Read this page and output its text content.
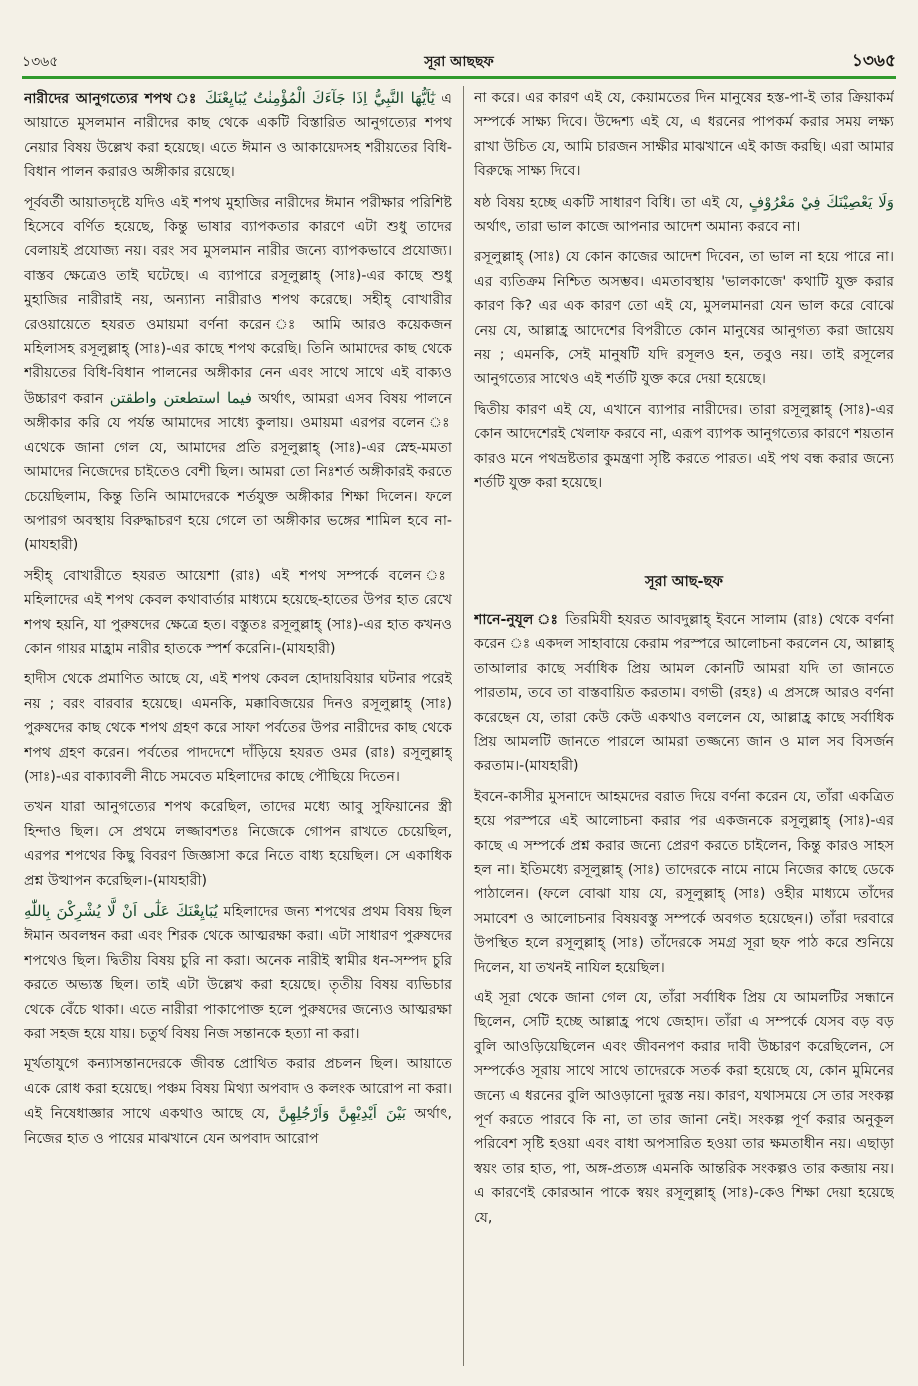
১৩৬৫	সূরা আছছফ	১৩৬৫

নারীদের আনুগত্যের শপথ ঃ يٰٓاَيُّهَا النَّبِيُّ اِذَا جَآءَكَ الْمُؤْمِنٰتُ يُبَايِعْنَكَ এ আয়াতে মুসলমান নারীদের কাছ থেকে একটি বিস্তারিত আনুগত্যের শপথ নেয়ার বিষয় উল্লেখ করা হয়েছে। এতে ঈমান ও আকায়েদসহ শরীয়তের বিধি-বিধান পালন করারও অঙ্গীকার রয়েছে।

পূর্ববর্তী আয়াতদৃষ্টে যদিও এই শপথ মুহাজির নারীদের ঈমান পরীক্ষার পরিশিষ্ট হিসেবে বর্ণিত হয়েছে, কিন্তু ভাষার ব্যাপকতার কারণে এটা শুধু তাদের বেলায়ই প্রযোজ্য নয়। বরং সব মুসলমান নারীর জন্যে ব্যাপকভাবে প্রযোজ্য। বাস্তব ক্ষেত্রেও তাই ঘটেছে। এ ব্যাপারে রসূলুল্লাহ্ (সাঃ)-এর কাছে শুধু মুহাজির নারীরাই নয়, অন্যান্য নারীরাও শপথ করেছে। সহীহ্ বোখারীর রেওয়ায়েতে হযরত ওমায়মা বর্ণনা করেন ঃ আমি আরও কয়েকজন মহিলাসহ রসূলুল্লাহ্ (সাঃ)-এর কাছে শপথ করেছি। তিনি আমাদের কাছ থেকে শরীয়তের বিধি-বিধান পালনের অঙ্গীকার নেন এবং সাথে সাথে এই বাক্যও উচ্চারণ করান فيما استطعتن واطقتن অর্থাৎ, আমরা এসব বিষয় পালনে অঙ্গীকার করি যে পর্যন্ত আমাদের সাধ্যে কুলায়। ওমায়মা এরপর বলেন ঃ এথেকে জানা গেল যে, আমাদের প্রতি রসূলুল্লাহ্ (সাঃ)-এর স্নেহ-মমতা আমাদের নিজেদের চাইতেও বেশী ছিল। আমরা তো নিঃশর্ত অঙ্গীকারই করতে চেয়েছিলাম, কিন্তু তিনি আমাদেরকে শর্তযুক্ত অঙ্গীকার শিক্ষা দিলেন। ফলে অপারগ অবস্থায় বিরুদ্ধাচরণ হয়ে গেলে তা অঙ্গীকার ভঙ্গের শামিল হবে না-(মাযহারী)

সহীহ্ বোখারীতে হযরত আয়েশা (রাঃ) এই শপথ সম্পর্কে বলেন ঃ মহিলাদের এই শপথ কেবল কথাবার্তার মাধ্যমে হয়েছে-হাতের উপর হাত রেখে শপথ হয়নি, যা পুরুষদের ক্ষেত্রে হত। বস্তুতঃ রসূলুল্লাহ্ (সাঃ)-এর হাত কখনও কোন গায়র মাহ্রাম নারীর হাতকে স্পর্শ করেনি।-(মাযহারী)

হাদীস থেকে প্রমাণিত আছে যে, এই শপথ কেবল হোদায়বিয়ার ঘটনার পরেই নয় ; বরং বারবার হয়েছে। এমনকি, মক্কাবিজয়ের দিনও রসূলুল্লাহ্ (সাঃ) পুরুষদের কাছ থেকে শপথ গ্রহণ করে সাফা পর্বতের উপর নারীদের কাছ থেকে শপথ গ্রহণ করেন। পর্বতের পাদদেশে দাঁড়িয়ে হযরত ওমর (রাঃ) রসূলুল্লাহ্ (সাঃ)-এর বাক্যাবলী নীচে সমবেত মহিলাদের কাছে পৌছিয়ে দিতেন।

তখন যারা আনুগত্যের শপথ করেছিল, তাদের মধ্যে আবু সুফিয়ানের স্ত্রী হিন্দাও ছিল। সে প্রথমে লজ্জাবশতঃ নিজেকে গোপন রাখতে চেয়েছিল, এরপর শপথের কিছু বিবরণ জিজ্ঞাসা করে নিতে বাধ্য হয়েছিল। সে একাধিক প্রশ্ন উত্থাপন করেছিল।-(মাযহারী)

يُبَايِعْنَكَ عَلٰٓى اَنْ لَّا يُشْرِكْنَ بِاللّٰهِ মহিলাদের জন্য শপথের প্রথম বিষয় ছিল ঈমান অবলম্বন করা এবং শিরক থেকে আত্মরক্ষা করা। এটা সাধারণ পুরুষদের শপথেও ছিল। দ্বিতীয় বিষয় চুরি না করা। অনেক নারীই স্বামীর ধন-সম্পদ চুরি করতে অভ্যস্ত ছিল। তাই এটা উল্লেখ করা হয়েছে। তৃতীয় বিষয় ব্যভিচার থেকে বেঁচে থাকা। এতে নারীরা পাকাপোক্ত হলে পুরুষদের জন্যেও আত্মরক্ষা করা সহজ হয়ে যায়। চতুর্থ বিষয় নিজ সন্তানকে হত্যা না করা।

মূর্খতাযুগে কন্যাসন্তানদেরকে জীবন্ত প্রোথিত করার প্রচলন ছিল। আয়াতে একে রোধ করা হয়েছে। পঞ্চম বিষয় মিথ্যা অপবাদ ও কলংক আরোপ না করা। এই নিষেধাজ্ঞার সাথে একথাও আছে যে, بَيْنَ اَيْدِيْهِنَّ وَاَرْجُلِهِنَّ অর্থাৎ, নিজের হাত ও পায়ের মাঝখানে যেন অপবাদ আরোপ

না করে। এর কারণ এই যে, কেয়ামতের দিন মানুষের হস্ত-পা-ই তার ক্রিয়াকর্ম সম্পর্কে সাক্ষ্য দিবে। উদ্দেশ্য এই যে, এ ধরনের পাপকর্ম করার সময় লক্ষ্য রাখা উচিত যে, আমি চারজন সাক্ষীর মাঝখানে এই কাজ করছি। এরা আমার বিরুদ্ধে সাক্ষ্য দিবে।

ষষ্ঠ বিষয় হচ্ছে একটি সাধারণ বিধি। তা এই যে, وَلَا يَعْصِيْنَكَ فِيْ مَعْرُوْفٍ অর্থাৎ, তারা ভাল কাজে আপনার আদেশ অমান্য করবে না।

রসূলুল্লাহ্ (সাঃ) যে কোন কাজের আদেশ দিবেন, তা ভাল না হয়ে পারে না। এর ব্যতিক্রম নিশ্চিত অসম্ভব। এমতাবস্থায় 'ভালকাজে' কথাটি যুক্ত করার কারণ কি? এর এক কারণ তো এই যে, মুসলমানরা যেন ভাল করে বোঝে নেয় যে, আল্লাহ্র আদেশের বিপরীতে কোন মানুষের আনুগত্য করা জায়েয নয় ; এমনকি, সেই মানুষটি যদি রসূলও হন, তবুও নয়। তাই রসূলের আনুগত্যের সাথেও এই শর্তটি যুক্ত করে দেয়া হয়েছে।

দ্বিতীয় কারণ এই যে, এখানে ব্যাপার নারীদের। তারা রসূলুল্লাহ্ (সাঃ)-এর কোন আদেশেরই খেলাফ করবে না, এরূপ ব্যাপক আনুগত্যের কারণে শয়তান কারও মনে পথভ্রষ্টতার কুমন্ত্রণা সৃষ্টি করতে পারত। এই পথ বন্ধ করার জন্যে শর্তটি যুক্ত করা হয়েছে।

সূরা আছ-ছফ

শানে-নুযূল ঃ তিরমিযী হযরত আবদুল্লাহ্ ইবনে সালাম (রাঃ) থেকে বর্ণনা করেন ঃ একদল সাহাবায়ে কেরাম পরস্পরে আলোচনা করলেন যে, আল্লাহ্ তাআলার কাছে সর্বাধিক প্রিয় আমল কোনটি আমরা যদি তা জানতে পারতাম, তবে তা বাস্তবায়িত করতাম। বগভী (রহঃ) এ প্রসঙ্গে আরও বর্ণনা করেছেন যে, তারা কেউ কেউ একথাও বললেন যে, আল্লাহ্র কাছে সর্বাধিক প্রিয় আমলটি জানতে পারলে আমরা তজ্জন্যে জান ও মাল সব বিসর্জন করতাম।-(মাযহারী)

ইবনে-কাসীর মুসনাদে আহমদের বরাত দিয়ে বর্ণনা করেন যে, তাঁরা একত্রিত হয়ে পরস্পরে এই আলোচনা করার পর একজনকে রসূলুল্লাহ্ (সাঃ)-এর কাছে এ সম্পর্কে প্রশ্ন করার জন্যে প্রেরণ করতে চাইলেন, কিন্তু কারও সাহস হল না। ইতিমধ্যে রসূলুল্লাহ্ (সাঃ) তাদেরকে নামে নামে নিজের কাছে ডেকে পাঠালেন। (ফলে বোঝা যায় যে, রসূলুল্লাহ্ (সাঃ) ওহীর মাধ্যমে তাঁদের সমাবেশ ও আলোচনার বিষয়বস্তু সম্পর্কে অবগত হয়েছেন।) তাঁরা দরবারে উপস্থিত হলে রসূলুল্লাহ্ (সাঃ) তাঁদেরকে সমগ্র সূরা ছফ পাঠ করে শুনিয়ে দিলেন, যা তখনই নাযিল হয়েছিল।

এই সূরা থেকে জানা গেল যে, তাঁরা সর্বাধিক প্রিয় যে আমলটির সন্ধানে ছিলেন, সেটি হচ্ছে আল্লাহ্র পথে জেহাদ। তাঁরা এ সম্পর্কে যেসব বড় বড় বুলি আওড়িয়েছিলেন এবং জীবনপণ করার দাবী উচ্চারণ করেছিলেন, সে সম্পর্কেও সূরায় সাথে সাথে তাদেরকে সতর্ক করা হয়েছে যে, কোন মুমিনের জন্যে এ ধরনের বুলি আওড়ানো দুরস্ত নয়। কারণ, যথাসময়ে সে তার সংকল্প পূর্ণ করতে পারবে কি না, তা তার জানা নেই। সংকল্প পূর্ণ করার অনুকূল পরিবেশ সৃষ্টি হওয়া এবং বাধা অপসারিত হওয়া তার ক্ষমতাধীন নয়। এছাড়া স্বয়ং তার হাত, পা, অঙ্গ-প্রত্যঙ্গ এমনকি আন্তরিক সংকল্পও তার কব্জায় নয়। এ কারণেই কোরআন পাকে স্বয়ং রসূলুল্লাহ্ (সাঃ)-কেও শিক্ষা দেয়া হয়েছে যে,
